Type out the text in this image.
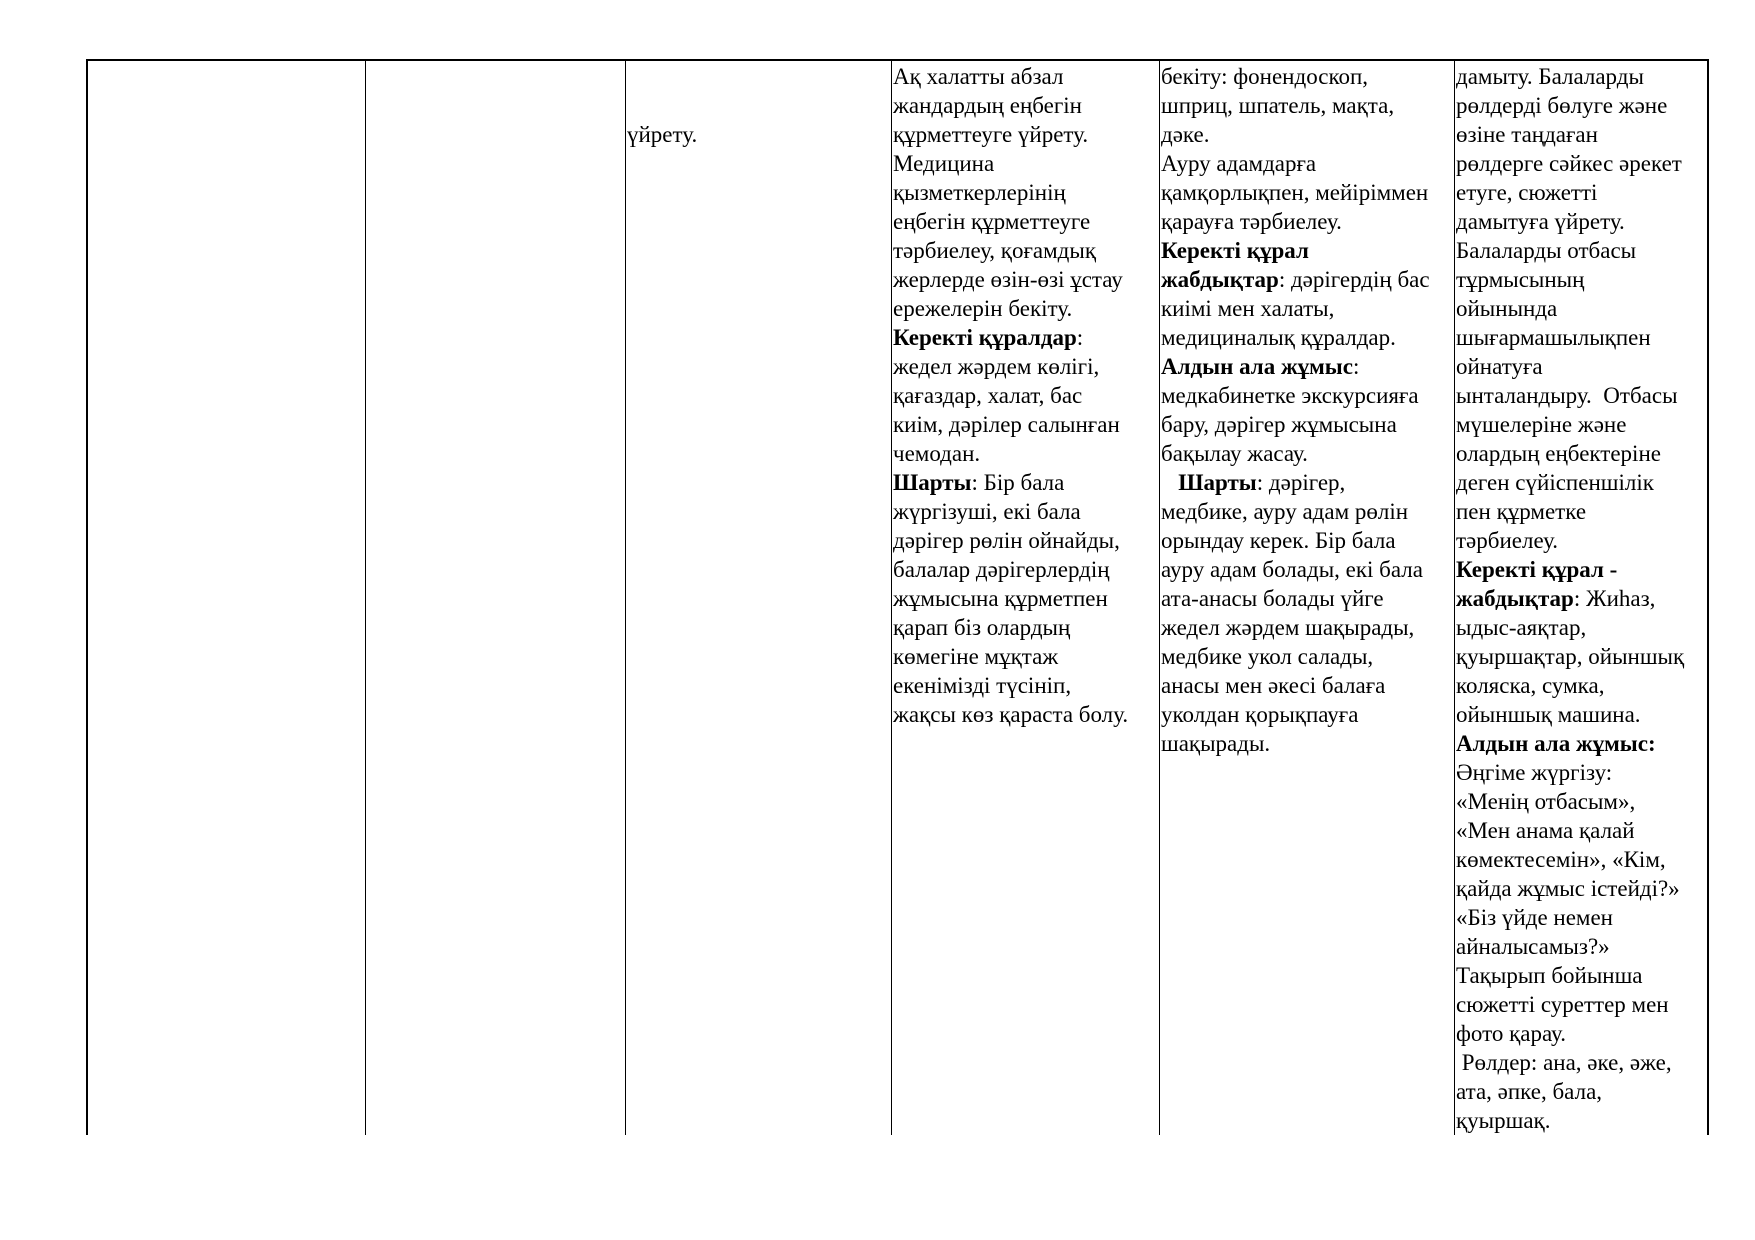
үйрету.

Ақ халатты абзал
жандардың еңбегін
құрметтеуге үйрету.
Медицина
қызметкерлерінің
еңбегін құрметтеуге
тәрбиелеу, қоғамдық
жерлерде өзін-өзі ұстау
ережелерін бекіту.
Керекті құралдар:
жедел жәрдем көлігі,
қағаздар, халат, бас
киім, дәрілер салынған
чемодан.
Шарты: Бір бала
жүргізуші, екі бала
дәрігер рөлін ойнайды,
балалар дәрігерлердің
жұмысына құрметпен
қарап біз олардың
көмегіне мұқтаж
екенімізді түсініп,
жақсы көз қараста болу.
бекіту: фонендоскоп,
шприц, шпатель, мақта,
дәке.
Ауру адамдарға
қамқорлықпен, мейіріммен
қарауға тәрбиелеу.
Керекті құрал
жабдықтар: дәрігердің бас
киімі мен халаты,
медициналық құралдар.
Алдын ала жұмыс:
медкабинетке экскурсияға
бару, дәрігер жұмысына
бақылау жасау.
Шарты: дәрігер,
медбике, ауру адам рөлін
орындау керек. Бір бала
ауру адам болады, екі бала
ата-анасы болады үйге
жедел жәрдем шақырады,
медбике укол салады,
анасы мен әкесі балаға
уколдан қорықпауға
шақырады.
дамыту. Балаларды
рөлдерді бөлуге және
өзіне таңдаған
рөлдерге сәйкес әрекет
етуге, сюжетті
дамытуға үйрету.
Балаларды отбасы
тұрмысының
ойынында
шығармашылықпен
ойнатуға
ынталандыру.  Отбасы
мүшелеріне және
олардың еңбектеріне
деген сүйіспеншілік
пен құрметке
тәрбиелеу.
Керекті құрал -
жабдықтар: Жиһаз,
ыдыс-аяқтар,
қуыршақтар, ойыншық
коляска, сумка,
ойыншық машина.
Алдын ала жұмыс:
Әңгіме жүргізу:
«Менің отбасым»,
«Мен анама қалай
көмектесемін», «Кім,
қайда жұмыс істейді?»
«Біз үйде немен
айналысамыз?»
Тақырып бойынша
сюжетті суреттер мен
фото қарау.
Рөлдер: ана, әке, әже,
ата, әпке, бала,
қуыршақ.
